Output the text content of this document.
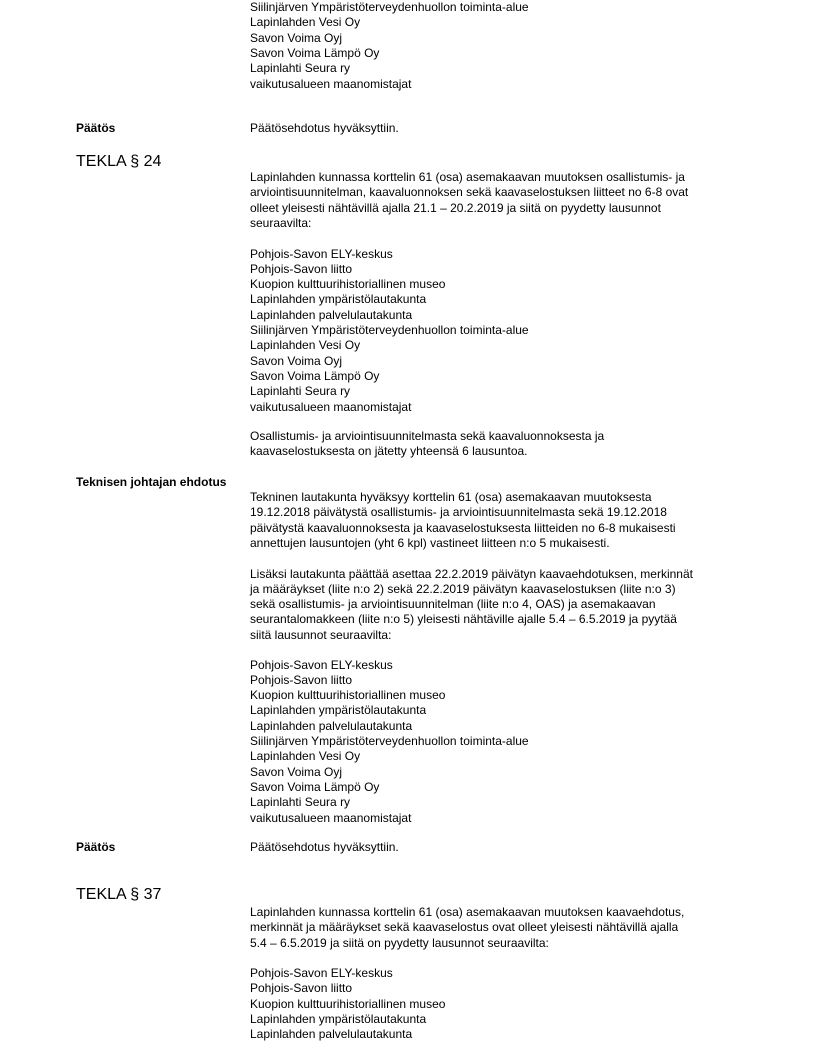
Siilinjärven Ympäristöterveydenhuollon toiminta-alue
Lapinlahden Vesi Oy
Savon Voima Oyj
Savon Voima Lämpö Oy
Lapinlahti Seura ry
vaikutusalueen maanomistajat
Päätös	Päätösehdotus hyväksyttiin.
TEKLA § 24
Lapinlahden kunnassa korttelin 61 (osa) asemakaavan muutoksen osallistumis- ja
arviointisuunnitelman, kaavaluonnoksen sekä kaavaselostuksen liitteet no 6-8 ovat
olleet yleisesti nähtävillä ajalla 21.1 – 20.2.2019 ja siitä on pyydetty lausunnot
seuraavilta:
Pohjois-Savon ELY-keskus
Pohjois-Savon liitto
Kuopion kulttuurihistoriallinen museo
Lapinlahden ympäristölautakunta
Lapinlahden palvelulautakunta
Siilinjärven Ympäristöterveydenhuollon toiminta-alue
Lapinlahden Vesi Oy
Savon Voima Oyj
Savon Voima Lämpö Oy
Lapinlahti Seura ry
vaikutusalueen maanomistajat
Osallistumis- ja arviointisuunnitelmasta sekä kaavaluonnoksesta ja
kaavaselostuksesta on jätetty yhteensä 6 lausuntoa.
Teknisen johtajan ehdotus
Tekninen lautakunta hyväksyy korttelin 61 (osa) asemakaavan muutoksesta
19.12.2018 päivätystä osallistumis- ja arviointisuunnitelmasta sekä 19.12.2018
päivätystä kaavaluonnoksesta ja kaavaselostuksesta liitteiden no 6-8 mukaisesti
annettujen lausuntojen (yht 6 kpl) vastineet liitteen n:o 5 mukaisesti.
Lisäksi lautakunta päättää asettaa 22.2.2019 päivätyn kaavaehdotuksen, merkinnät
ja määräykset (liite n:o 2) sekä 22.2.2019 päivätyn kaavaselostuksen (liite n:o 3)
sekä osallistumis- ja arviointisuunnitelman (liite n:o 4, OAS) ja asemakaavan
seurantalomakkeen (liite n:o 5) yleisesti nähtäville ajalle 5.4 – 6.5.2019 ja pyytää
siitä lausunnot seuraavilta:
Pohjois-Savon ELY-keskus
Pohjois-Savon liitto
Kuopion kulttuurihistoriallinen museo
Lapinlahden ympäristölautakunta
Lapinlahden palvelulautakunta
Siilinjärven Ympäristöterveydenhuollon toiminta-alue
Lapinlahden Vesi Oy
Savon Voima Oyj
Savon Voima Lämpö Oy
Lapinlahti Seura ry
vaikutusalueen maanomistajat
Päätös	Päätösehdotus hyväksyttiin.
TEKLA § 37
Lapinlahden kunnassa korttelin 61 (osa) asemakaavan muutoksen kaavaehdotus,
merkinnät ja määräykset sekä kaavaselostus ovat olleet yleisesti nähtävillä ajalla
5.4 – 6.5.2019 ja siitä on pyydetty lausunnot seuraavilta:
Pohjois-Savon ELY-keskus
Pohjois-Savon liitto
Kuopion kulttuurihistoriallinen museo
Lapinlahden ympäristölautakunta
Lapinlahden palvelulautakunta
